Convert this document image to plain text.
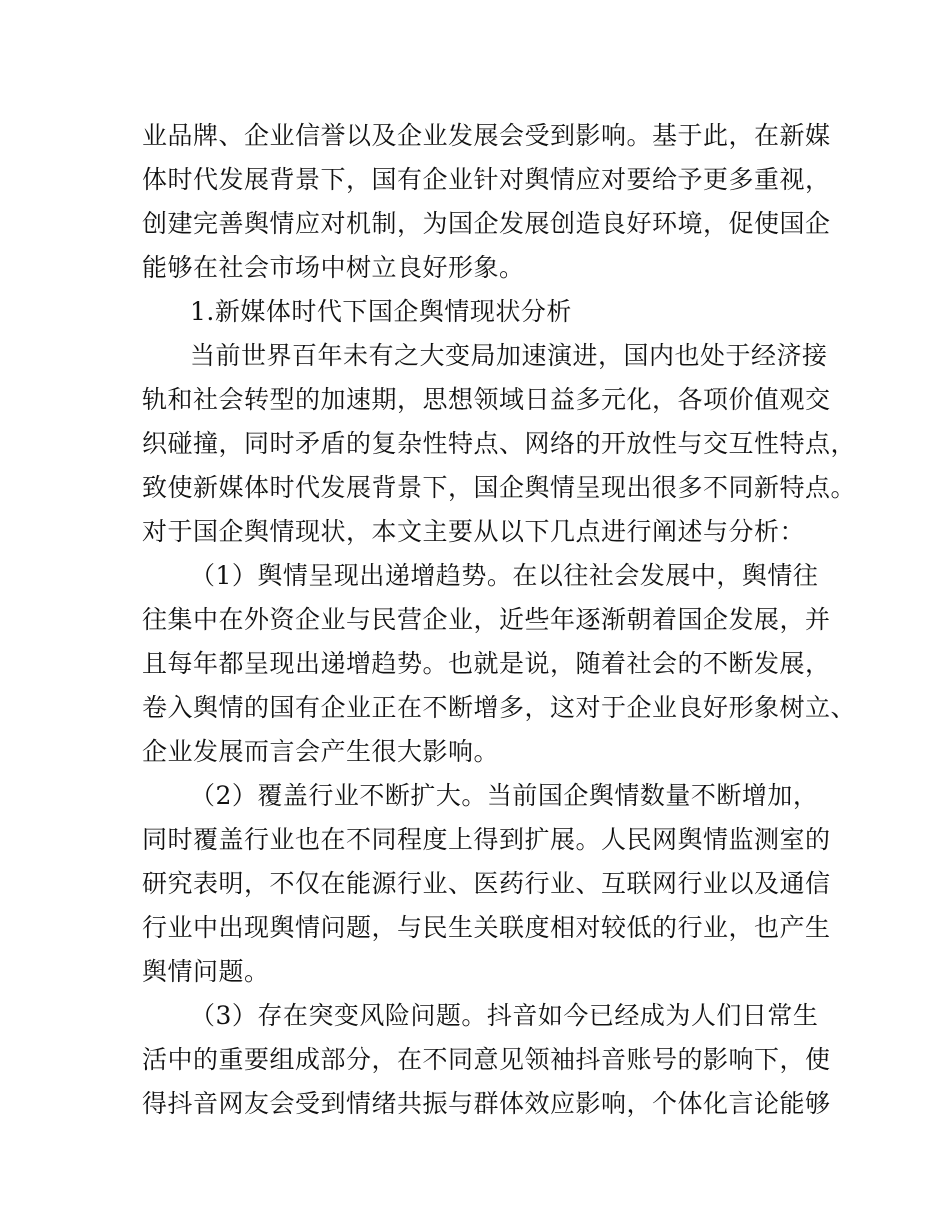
业品牌、企业信誉以及企业发展会受到影响。基于此，在新媒
体时代发展背景下，国有企业针对舆情应对要给予更多重视，
创建完善舆情应对机制，为国企发展创造良好环境，促使国企
能够在社会市场中树立良好形象。
1.新媒体时代下国企舆情现状分析
当前世界百年未有之大变局加速演进，国内也处于经济接
轨和社会转型的加速期，思想领域日益多元化，各项价值观交
织碰撞，同时矛盾的复杂性特点、网络的开放性与交互性特点，
致使新媒体时代发展背景下，国企舆情呈现出很多不同新特点。
对于国企舆情现状，本文主要从以下几点进行阐述与分析：
（1）舆情呈现出递增趋势。在以往社会发展中，舆情往
往集中在外资企业与民营企业，近些年逐渐朝着国企发展，并
且每年都呈现出递增趋势。也就是说，随着社会的不断发展，
卷入舆情的国有企业正在不断增多，这对于企业良好形象树立、
企业发展而言会产生很大影响。
（2）覆盖行业不断扩大。当前国企舆情数量不断增加，
同时覆盖行业也在不同程度上得到扩展。人民网舆情监测室的
研究表明，不仅在能源行业、医药行业、互联网行业以及通信
行业中出现舆情问题，与民生关联度相对较低的行业，也产生
舆情问题。
（3）存在突变风险问题。抖音如今已经成为人们日常生
活中的重要组成部分，在不同意见领袖抖音账号的影响下，使
得抖音网友会受到情绪共振与群体效应影响，个体化言论能够
